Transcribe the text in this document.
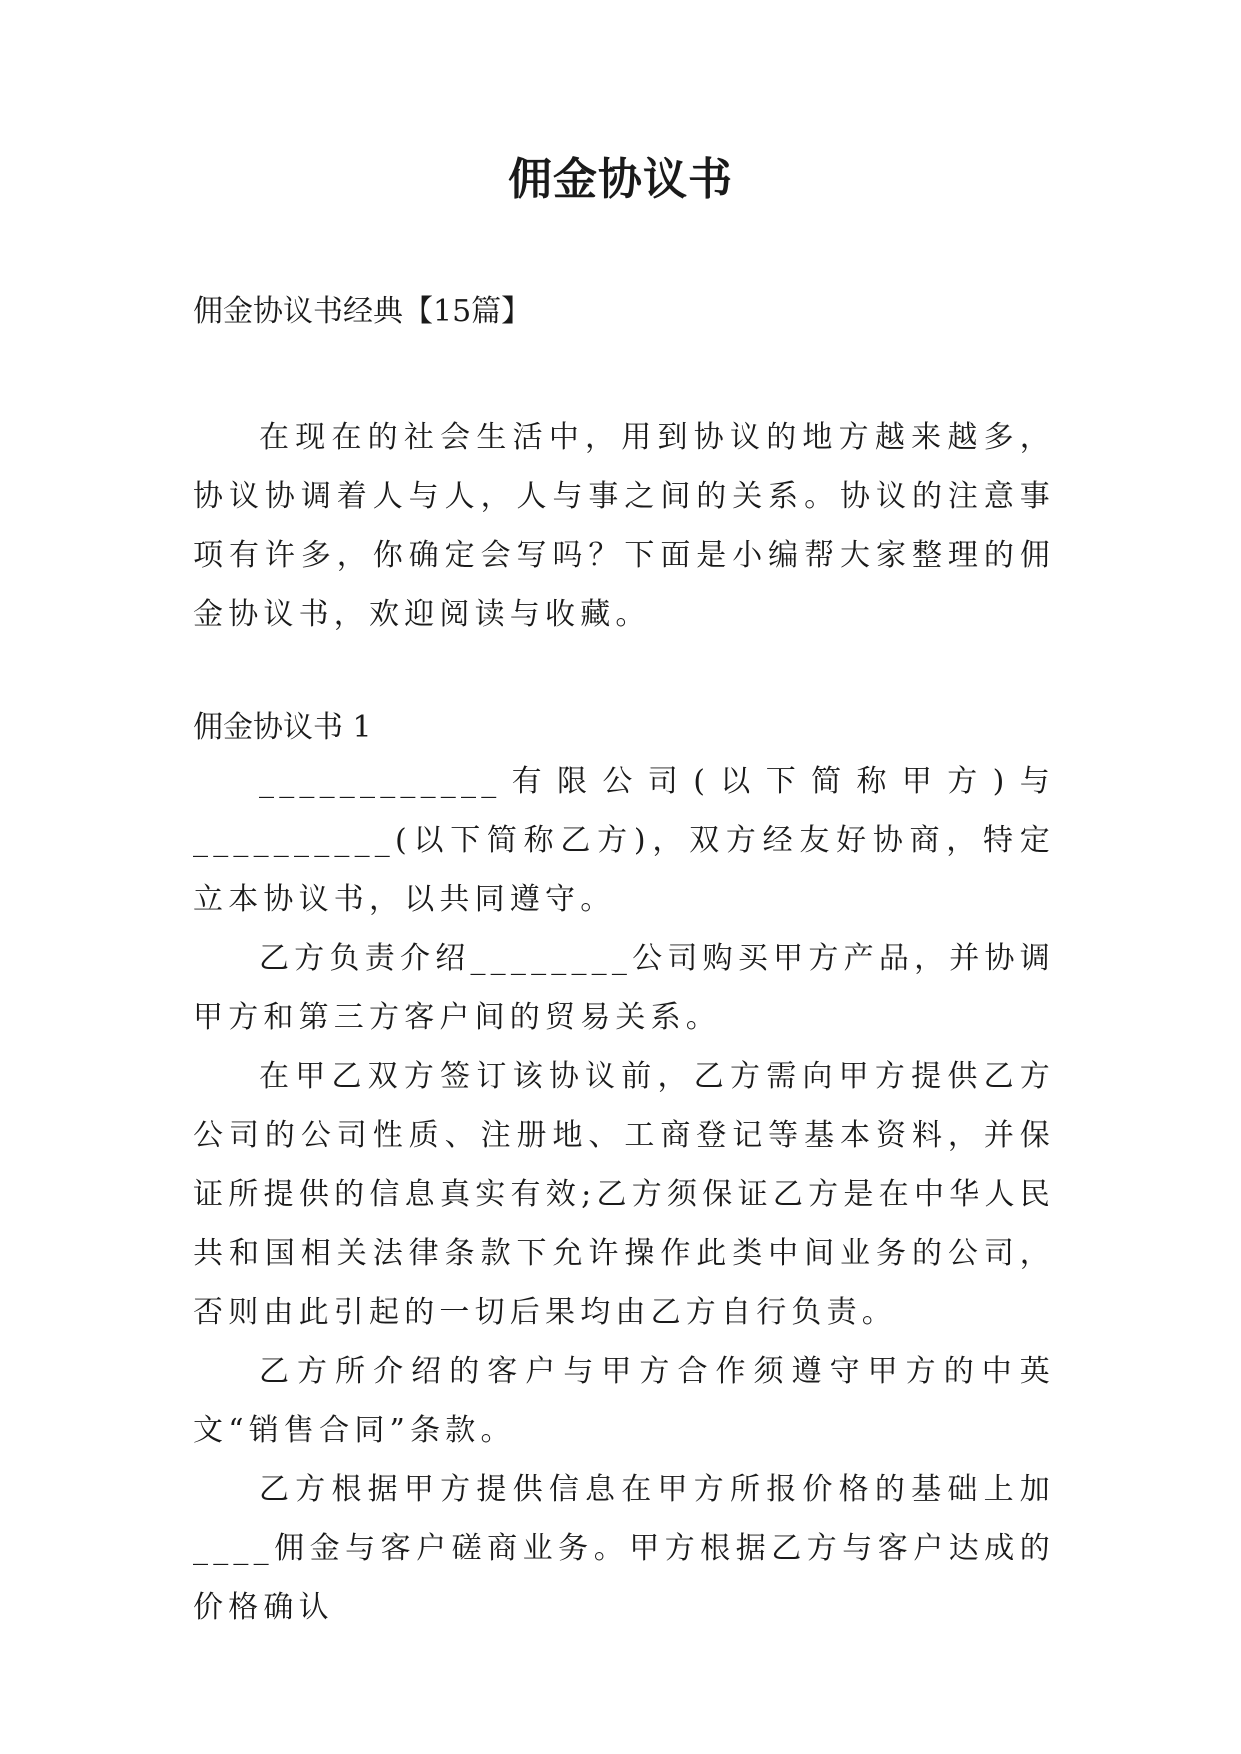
佣金协议书
佣金协议书经典【15篇】
在现在的社会生活中，用到协议的地方越来越多，协议协调着人与人，人与事之间的关系。协议的注意事项有许多，你确定会写吗？下面是小编帮大家整理的佣金协议书，欢迎阅读与收藏。
佣金协议书 1

____________有限公司(以下简称甲方)与

__________(以下简称乙方)，双方经友好协商，特定立本协议书，以共同遵守。

乙方负责介绍________公司购买甲方产品，并协调甲方和第三方客户间的贸易关系。

在甲乙双方签订该协议前，乙方需向甲方提供乙方公司的公司性质、注册地、工商登记等基本资料，并保证所提供的信息真实有效;乙方须保证乙方是在中华人民共和国相关法律条款下允许操作此类中间业务的公司，否则由此引起的一切后果均由乙方自行负责。

乙方所介绍的客户与甲方合作须遵守甲方的中英文“销售合同”条款。

乙方根据甲方提供信息在甲方所报价格的基础上加____佣金与客户磋商业务。甲方根据乙方与客户达成的价格确认
